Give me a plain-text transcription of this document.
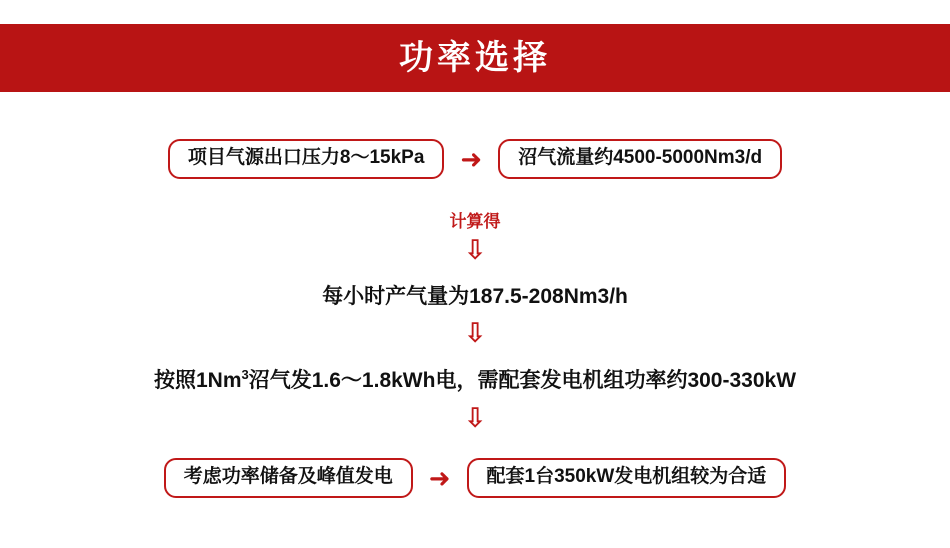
功率选择
项目气源出口压力8～15kPa	➜	沼气流量约4500-5000Nm3/d
计算得
⇩
每小时产气量为187.5-208Nm3/h
⇩
按照1Nm$^3$沼气发1.6～1.8kWh电，需配套发电机组功率约300-330kW
⇩
考虑功率储备及峰值发电	➜	配套1台350kW发电机组较为合适
